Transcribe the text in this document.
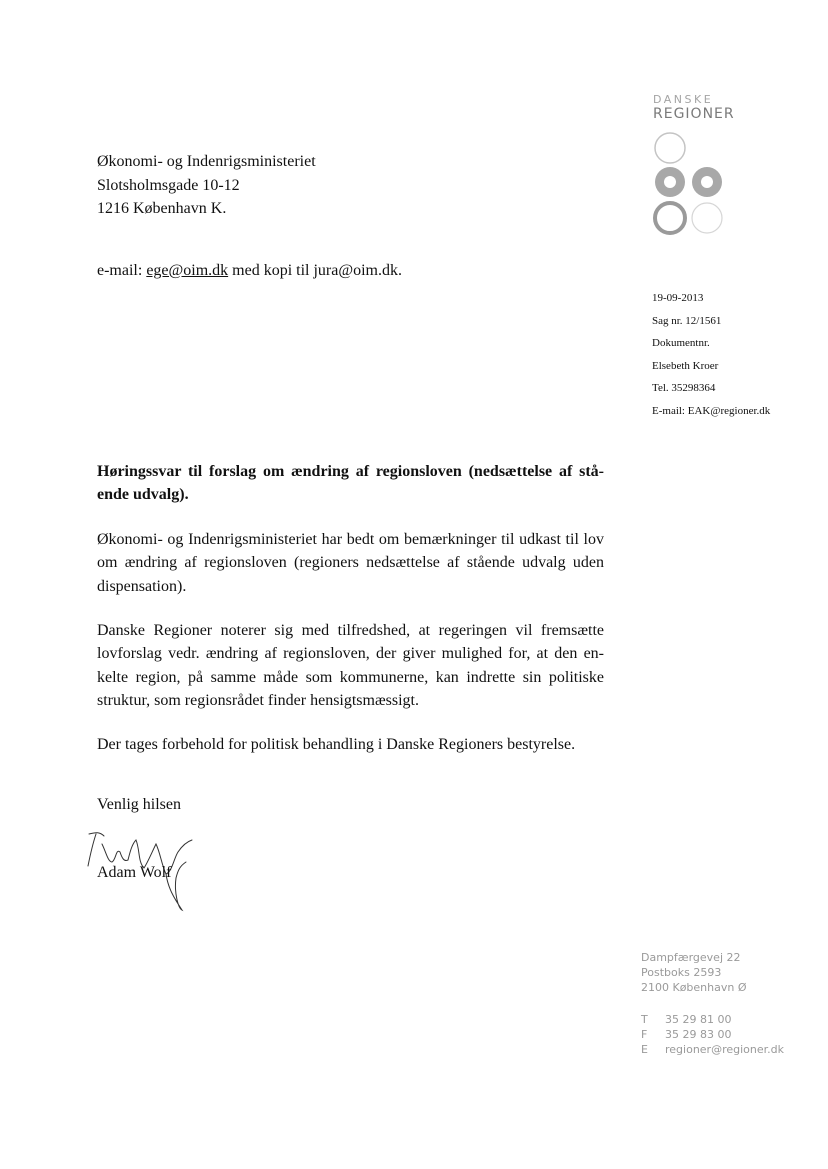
DANSKE
REGIONER
Økonomi- og Indenrigsministeriet
Slotsholmsgade 10-12
1216 København K.
e-mail: ege@oim.dk med kopi til jura@oim.dk.
19-09-2013
Sag nr. 12/1561
Dokumentnr.
Elsebeth Kroer
Tel. 35298364
E-mail: EAK@regioner.dk
Høringssvar til forslag om ændring af regionsloven (nedsættelse af stå-ende udvalg).
Økonomi- og Indenrigsministeriet har bedt om bemærkninger til udkast til lov om ændring af regionsloven (regioners nedsættelse af stående udvalg uden dispensation).
Danske Regioner noterer sig med tilfredshed, at regeringen vil fremsætte lovforslag vedr. ændring af regionsloven, der giver mulighed for, at den en-kelte region, på samme måde som kommunerne, kan indrette sin politiske struktur, som regionsrådet finder hensigtsmæssigt.
Der tages forbehold for politisk behandling i Danske Regioners bestyrelse.
Venlig hilsen
Adam Wolf
Dampfærgevej 22
Postboks 2593
2100 København Ø
T 35 29 81 00
F 35 29 83 00
E regioner@regioner.dk
